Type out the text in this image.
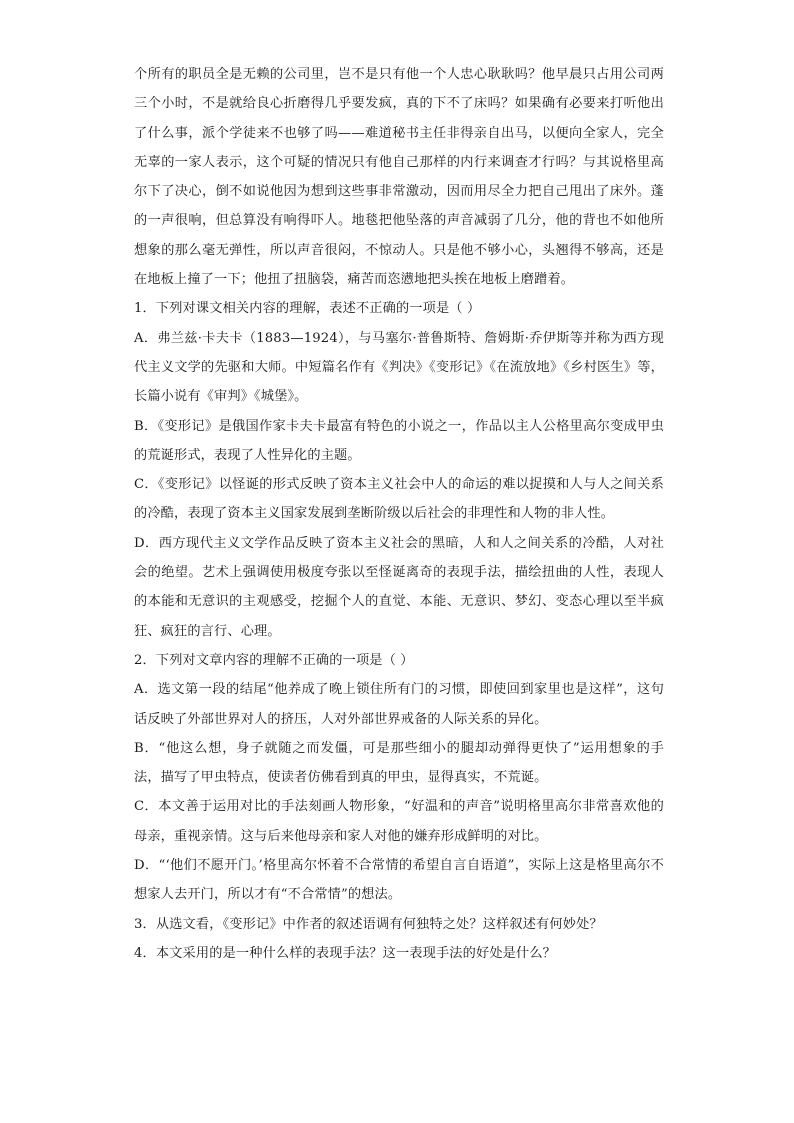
个所有的职员全是无赖的公司里，岂不是只有他一个人忠心耿耿吗？他早晨只占用公司两三个小时，不是就给良心折磨得几乎要发疯，真的下不了床吗？如果确有必要来打听他出了什么事，派个学徒来不也够了吗——难道秘书主任非得亲自出马，以便向全家人，完全无辜的一家人表示，这个可疑的情况只有他自己那样的内行来调查才行吗？与其说格里高尔下了决心，倒不如说他因为想到这些事非常激动，因而用尽全力把自己甩出了床外。蓬的一声很响，但总算没有响得吓人。地毯把他坠落的声音减弱了几分，他的背也不如他所想象的那么毫无弹性，所以声音很闷，不惊动人。只是他不够小心，头翘得不够高，还是在地板上撞了一下；他扭了扭脑袋，痛苦而恣懑地把头挨在地板上磨蹭着。

1．下列对课文相关内容的理解，表述不正确的一项是（ ）

A．弗兰兹·卡夫卡（1883—1924），与马塞尔·普鲁斯特、詹姆斯·乔伊斯等并称为西方现代主义文学的先驱和大师。中短篇名作有《判决》《变形记》《在流放地》《乡村医生》等，长篇小说有《审判》《城堡》。

B．《变形记》是俄国作家卡夫卡最富有特色的小说之一，作品以主人公格里高尔变成甲虫的荒诞形式，表现了人性异化的主题。

C．《变形记》以怪诞的形式反映了资本主义社会中人的命运的难以捉摸和人与人之间关系的冷酷，表现了资本主义国家发展到垄断阶级以后社会的非理性和人物的非人性。

D．西方现代主义文学作品反映了资本主义社会的黑暗，人和人之间关系的冷酷，人对社会的绝望。艺术上强调使用极度夸张以至怪诞离奇的表现手法，描绘扭曲的人性，表现人的本能和无意识的主观感受，挖掘个人的直觉、本能、无意识、梦幻、变态心理以至半疯狂、疯狂的言行、心理。

2．下列对文章内容的理解不正确的一项是（ ）

A．选文第一段的结尾“他养成了晚上锁住所有门的习惯，即使回到家里也是这样”，这句话反映了外部世界对人的挤压，人对外部世界戒备的人际关系的异化。

B．“他这么想，身子就随之而发僵，可是那些细小的腿却动弹得更快了”运用想象的手法，描写了甲虫特点，使读者仿佛看到真的甲虫，显得真实，不荒诞。

C．本文善于运用对比的手法刻画人物形象，“好温和的声音”说明格里高尔非常喜欢他的母亲，重视亲情。这与后来他母亲和家人对他的嫌弃形成鲜明的对比。

D．“‘他们不愿开门。’格里高尔怀着不合常情的希望自言自语道”，实际上这是格里高尔不想家人去开门，所以才有“不合常情”的想法。

3．从选文看，《变形记》中作者的叙述语调有何独特之处？这样叙述有何妙处？

4．本文采用的是一种什么样的表现手法？这一表现手法的好处是什么？
